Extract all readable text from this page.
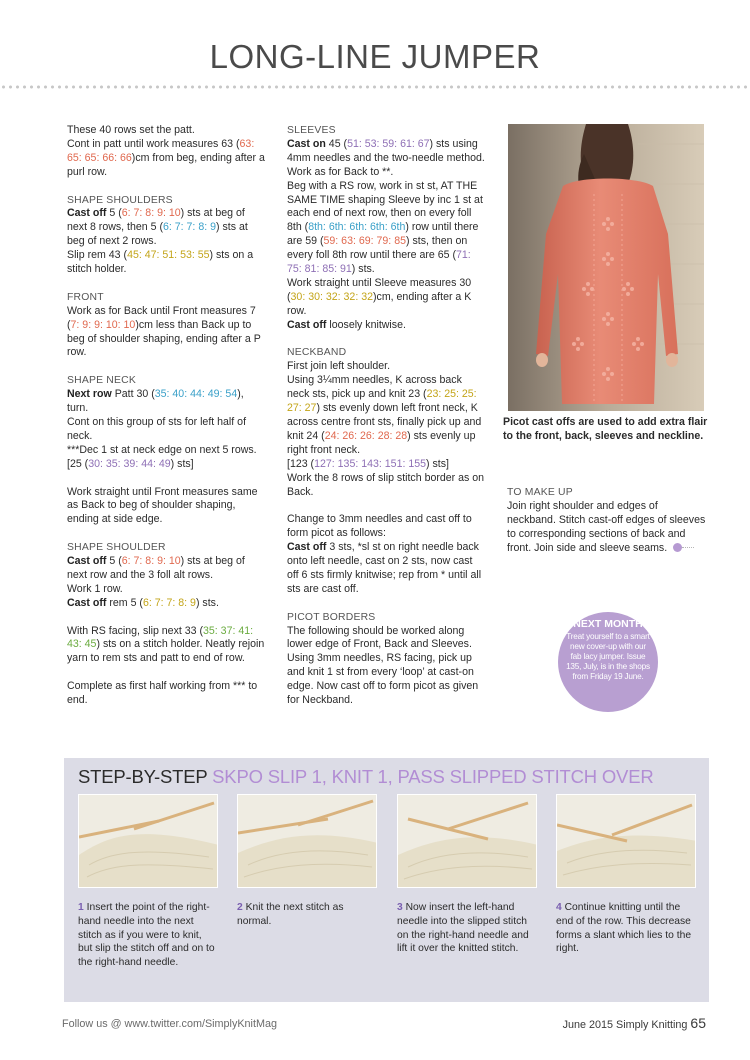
LONG-LINE JUMPER

These 40 rows set the patt.

Cont in patt until work measures 63 (63: 65: 65: 66: 66)cm from beg, ending after a purl row.

SHAPE SHOULDERS
Cast off 5 (6: 7: 8: 9: 10) sts at beg of next 8 rows, then 5 (6: 7: 7: 8: 9) sts at beg of next 2 rows.
Slip rem 43 (45: 47: 51: 53: 55) sts on a stitch holder.

FRONT
Work as for Back until Front measures 7 (7: 9: 9: 10: 10)cm less than Back up to beg of shoulder shaping, ending after a P row.

SHAPE NECK
Next row Patt 30 (35: 40: 44: 49: 54), turn.
Cont on this group of sts for left half of neck.
***Dec 1 st at neck edge on next 5 rows. [25 (30: 35: 39: 44: 49) sts]

Work straight until Front measures same as Back to beg of shoulder shaping, ending at side edge.

SHAPE SHOULDER
Cast off 5 (6: 7: 8: 9: 10) sts at beg of next row and the 3 foll alt rows.
Work 1 row.
Cast off rem 5 (6: 7: 7: 8: 9) sts.

With RS facing, slip next 33 (35: 37: 41: 43: 45) sts on a stitch holder. Neatly rejoin yarn to rem sts and patt to end of row.

Complete as first half working from *** to end.

SLEEVES
Cast on 45 (51: 53: 59: 61: 67) sts using 4mm needles and the two-needle method.
Work as for Back to **.
Beg with a RS row, work in st st, AT THE SAME TIME shaping Sleeve by inc 1 st at each end of next row, then on every foll 8th (8th: 6th: 6th: 6th: 6th) row until there are 59 (59: 63: 69: 79: 85) sts, then on every foll 8th row until there are 65 (71: 75: 81: 85: 91) sts.
Work straight until Sleeve measures 30 (30: 30: 32: 32: 32)cm, ending after a K row.
Cast off loosely knitwise.

NECKBAND
First join left shoulder.
Using 3¼mm needles, K across back neck sts, pick up and knit 23 (23: 25: 25: 27: 27) sts evenly down left front neck, K across centre front sts, finally pick up and knit 24 (24: 26: 26: 28: 28) sts evenly up right front neck.
[123 (127: 135: 143: 151: 155) sts]
Work the 8 rows of slip stitch border as on Back.

Change to 3mm needles and cast off to form picot as follows:
Cast off 3 sts, *sl st on right needle back onto left needle, cast on 2 sts, now cast off 6 sts firmly knitwise; rep from * until all sts are cast off.

PICOT BORDERS
The following should be worked along lower edge of Front, Back and Sleeves. Using 3mm needles, RS facing, pick up and knit 1 st from every ‘loop’ at cast-on edge. Now cast off to form picot as given for Neckband.

Picot cast offs are used to add extra flair to the front, back, sleeves and neckline.
TO MAKE UP
Join right shoulder and edges of neckband. Stitch cast-off edges of sleeves to corresponding sections of back and front. Join side and sleeve seams.
NEXT MONTH
Treat yourself to a smart new cover-up with our fab lacy jumper. Issue 135, July, is in the shops from Friday 19 June.
STEP-BY-STEP SKPO SLIP 1, KNIT 1, PASS SLIPPED STITCH OVER
1 Insert the point of the right-hand needle into the next stitch as if you were to knit, but slip the stitch off and on to the right-hand needle.
2 Knit the next stitch as normal.
3 Now insert the left-hand needle into the slipped stitch on the right-hand needle and lift it over the knitted stitch.
4 Continue knitting until the end of the row. This decrease forms a slant which lies to the right.
Follow us @ www.twitter.com/SimplyKnitMag	June 2015 Simply Knitting 65
